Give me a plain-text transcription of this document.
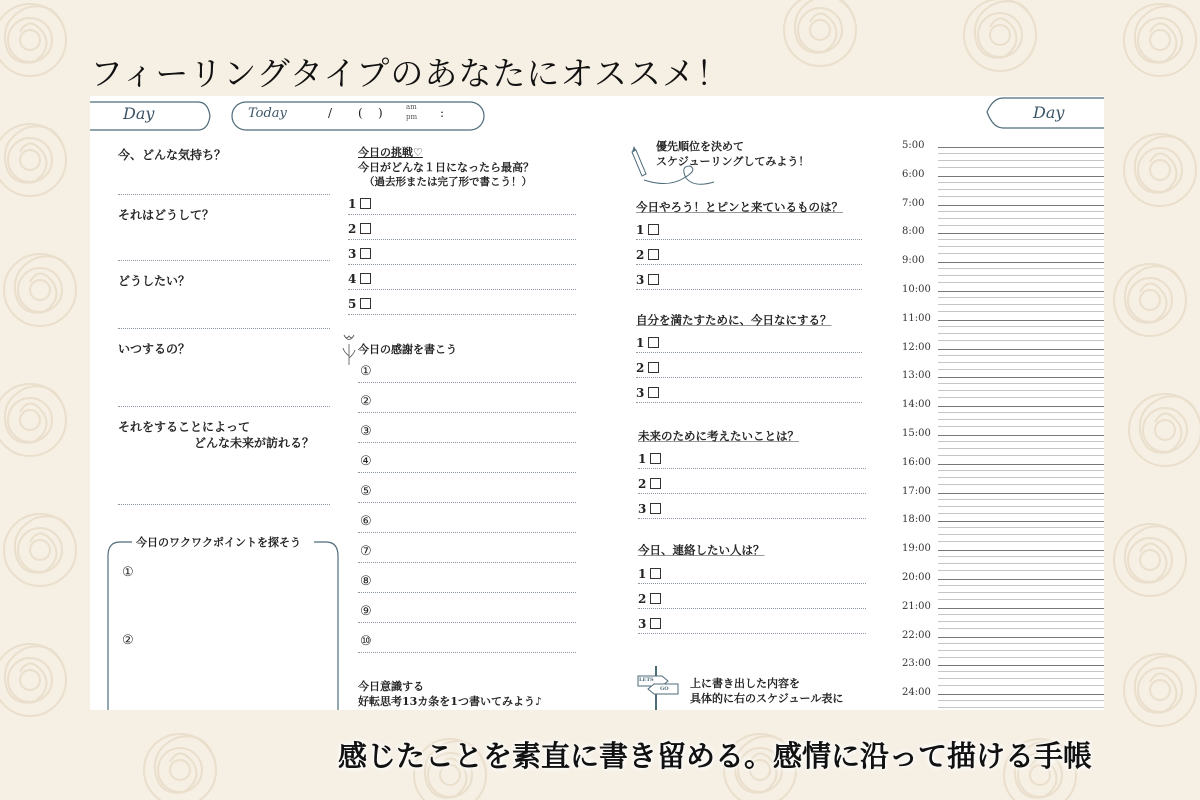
フィーリングタイプのあなたにオススメ！
Day	Today	/ (    )	am
pm :	Day
今、どんな気持ち？
それはどうして？
どうしたい？
いつするの？
それをすることによって
どんな未来が訪れる？
今日のワクワクポイントを探そう
①
②
今日の挑戦♡
今日がどんな１日になったら最高？
（過去形または完了形で書こう！）
1
2
3
4
5
今日の感謝を書こう
①
②
③
④
⑤
⑥
⑦
⑧
⑨
⑩
今日意識する
好転思考13カ条を1つ書いてみよう♪
優先順位を決めて
スケジューリングしてみよう！
今日やろう！とピンと来ているものは？
1
2
3
自分を満たすために、今日なにする？
1
2
3
未来のために考えたいことは？
1
2
3
今日、連絡したい人は？
1
2
3
LETS
GO 上に書き出した内容を
具体的に右のスケジュール表に
5:00
6:00
7:00
8:00
9:00
10:00
11:00
12:00
13:00
14:00
15:00
16:00
17:00
18:00
19:00
20:00
21:00
22:00
23:00
24:00
感じたことを素直に書き留める。感情に沿って描ける手帳
